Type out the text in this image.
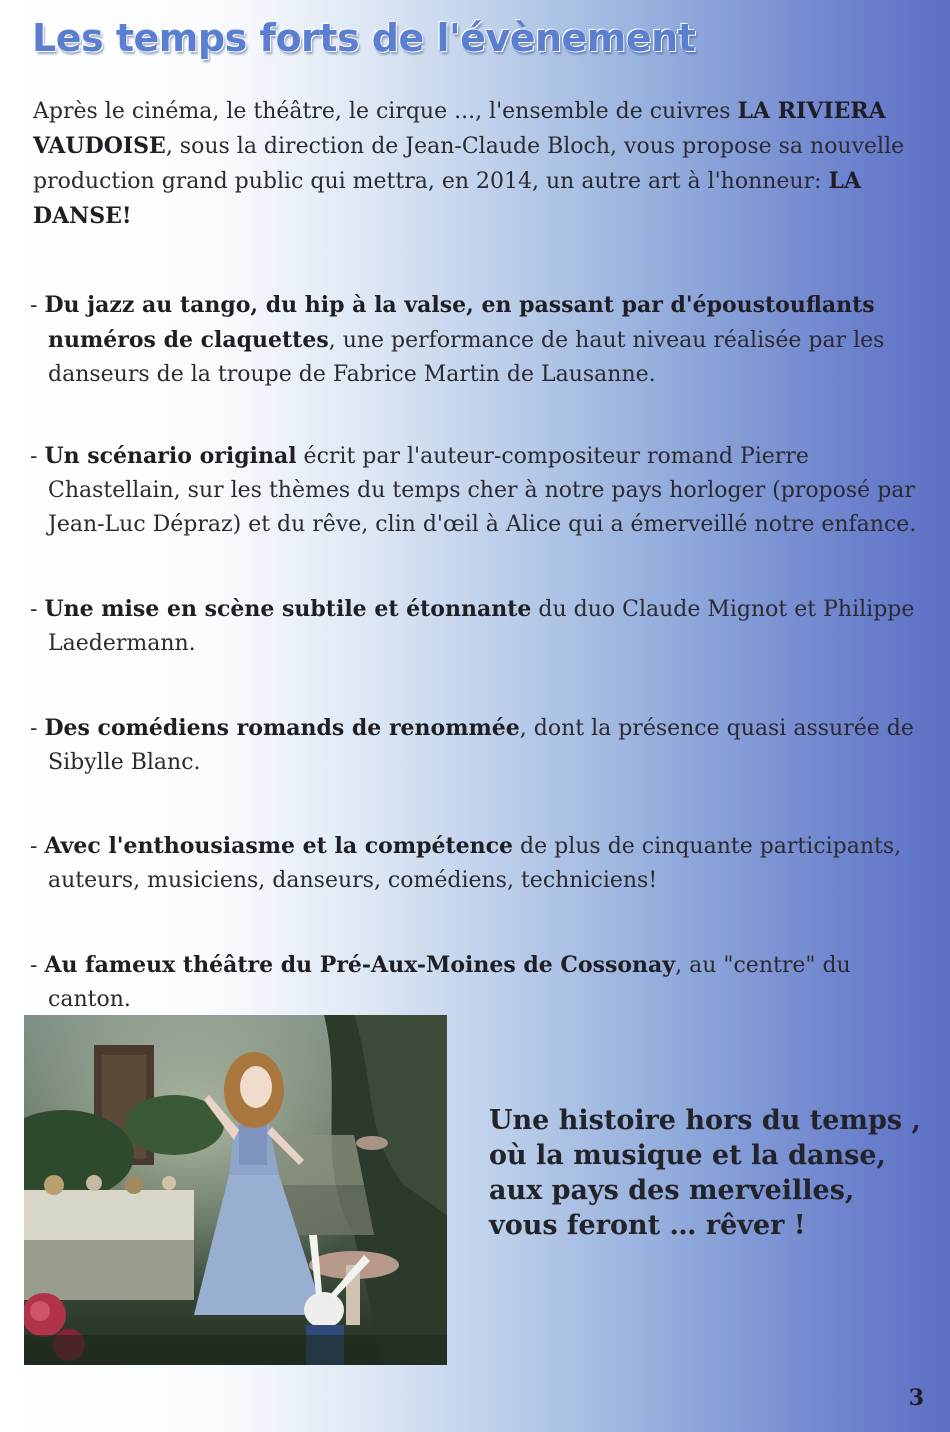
Les temps forts de l'évènement

Après le cinéma, le théâtre, le cirque ..., l'ensemble de cuivres LA RIVIERA VAUDOISE, sous la direction de Jean-Claude Bloch, vous propose sa nouvelle production grand public qui mettra, en 2014, un autre art à l'honneur: LA DANSE!

- Du jazz au tango, du hip à la valse, en passant par d'époustouflants numéros de claquettes, une performance de haut niveau réalisée par les danseurs de la troupe de Fabrice Martin de Lausanne.

- Un scénario original écrit par l'auteur-compositeur romand Pierre Chastellain, sur les thèmes du temps cher à notre pays horloger (proposé par Jean-Luc Dépraz) et du rêve, clin d'œil à Alice qui a émerveillé notre enfance.

- Une mise en scène subtile et étonnante du duo Claude Mignot et Philippe Laedermann.

- Des comédiens romands de renommée, dont la présence quasi assurée de Sibylle Blanc.

- Avec l'enthousiasme et la compétence de plus de cinquante participants, auteurs, musiciens, danseurs, comédiens, techniciens!

- Au fameux théâtre du Pré-Aux-Moines de Cossonay, au "centre" du canton.

Une histoire hors du temps , où la musique et la danse, aux pays des merveilles, vous feront … rêver !

3
